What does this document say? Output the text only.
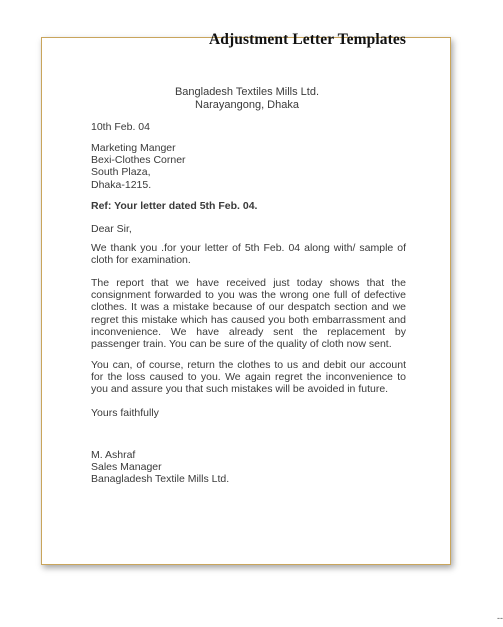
Adjustment Letter Templates
Bangladesh Textiles Mills Ltd.
Narayangong, Dhaka
10th Feb. 04
Marketing Manger
Bexi-Clothes Corner
South Plaza,
Dhaka-1215.
Ref: Your letter dated 5th Feb. 04.
Dear Sir,
We thank you .for your letter of 5th Feb. 04 along with/ sample of cloth for examination.
The report that we have received just today shows that the consignment forwarded to you was the wrong one full of defective clothes. It was a mistake because of our despatch section and we regret this mistake which has caused you both embarrassment and inconvenience. We have already sent the replacement by passenger train. You can be sure of the quality of cloth now sent.
You can, of course, return the clothes to us and debit our account for the loss caused to you. We again regret the inconvenience to you and assure you that such mistakes will be avoided in future.
Yours faithfully
M. Ashraf
Sales Manager
Banagladesh Textile Mills Ltd.
--
